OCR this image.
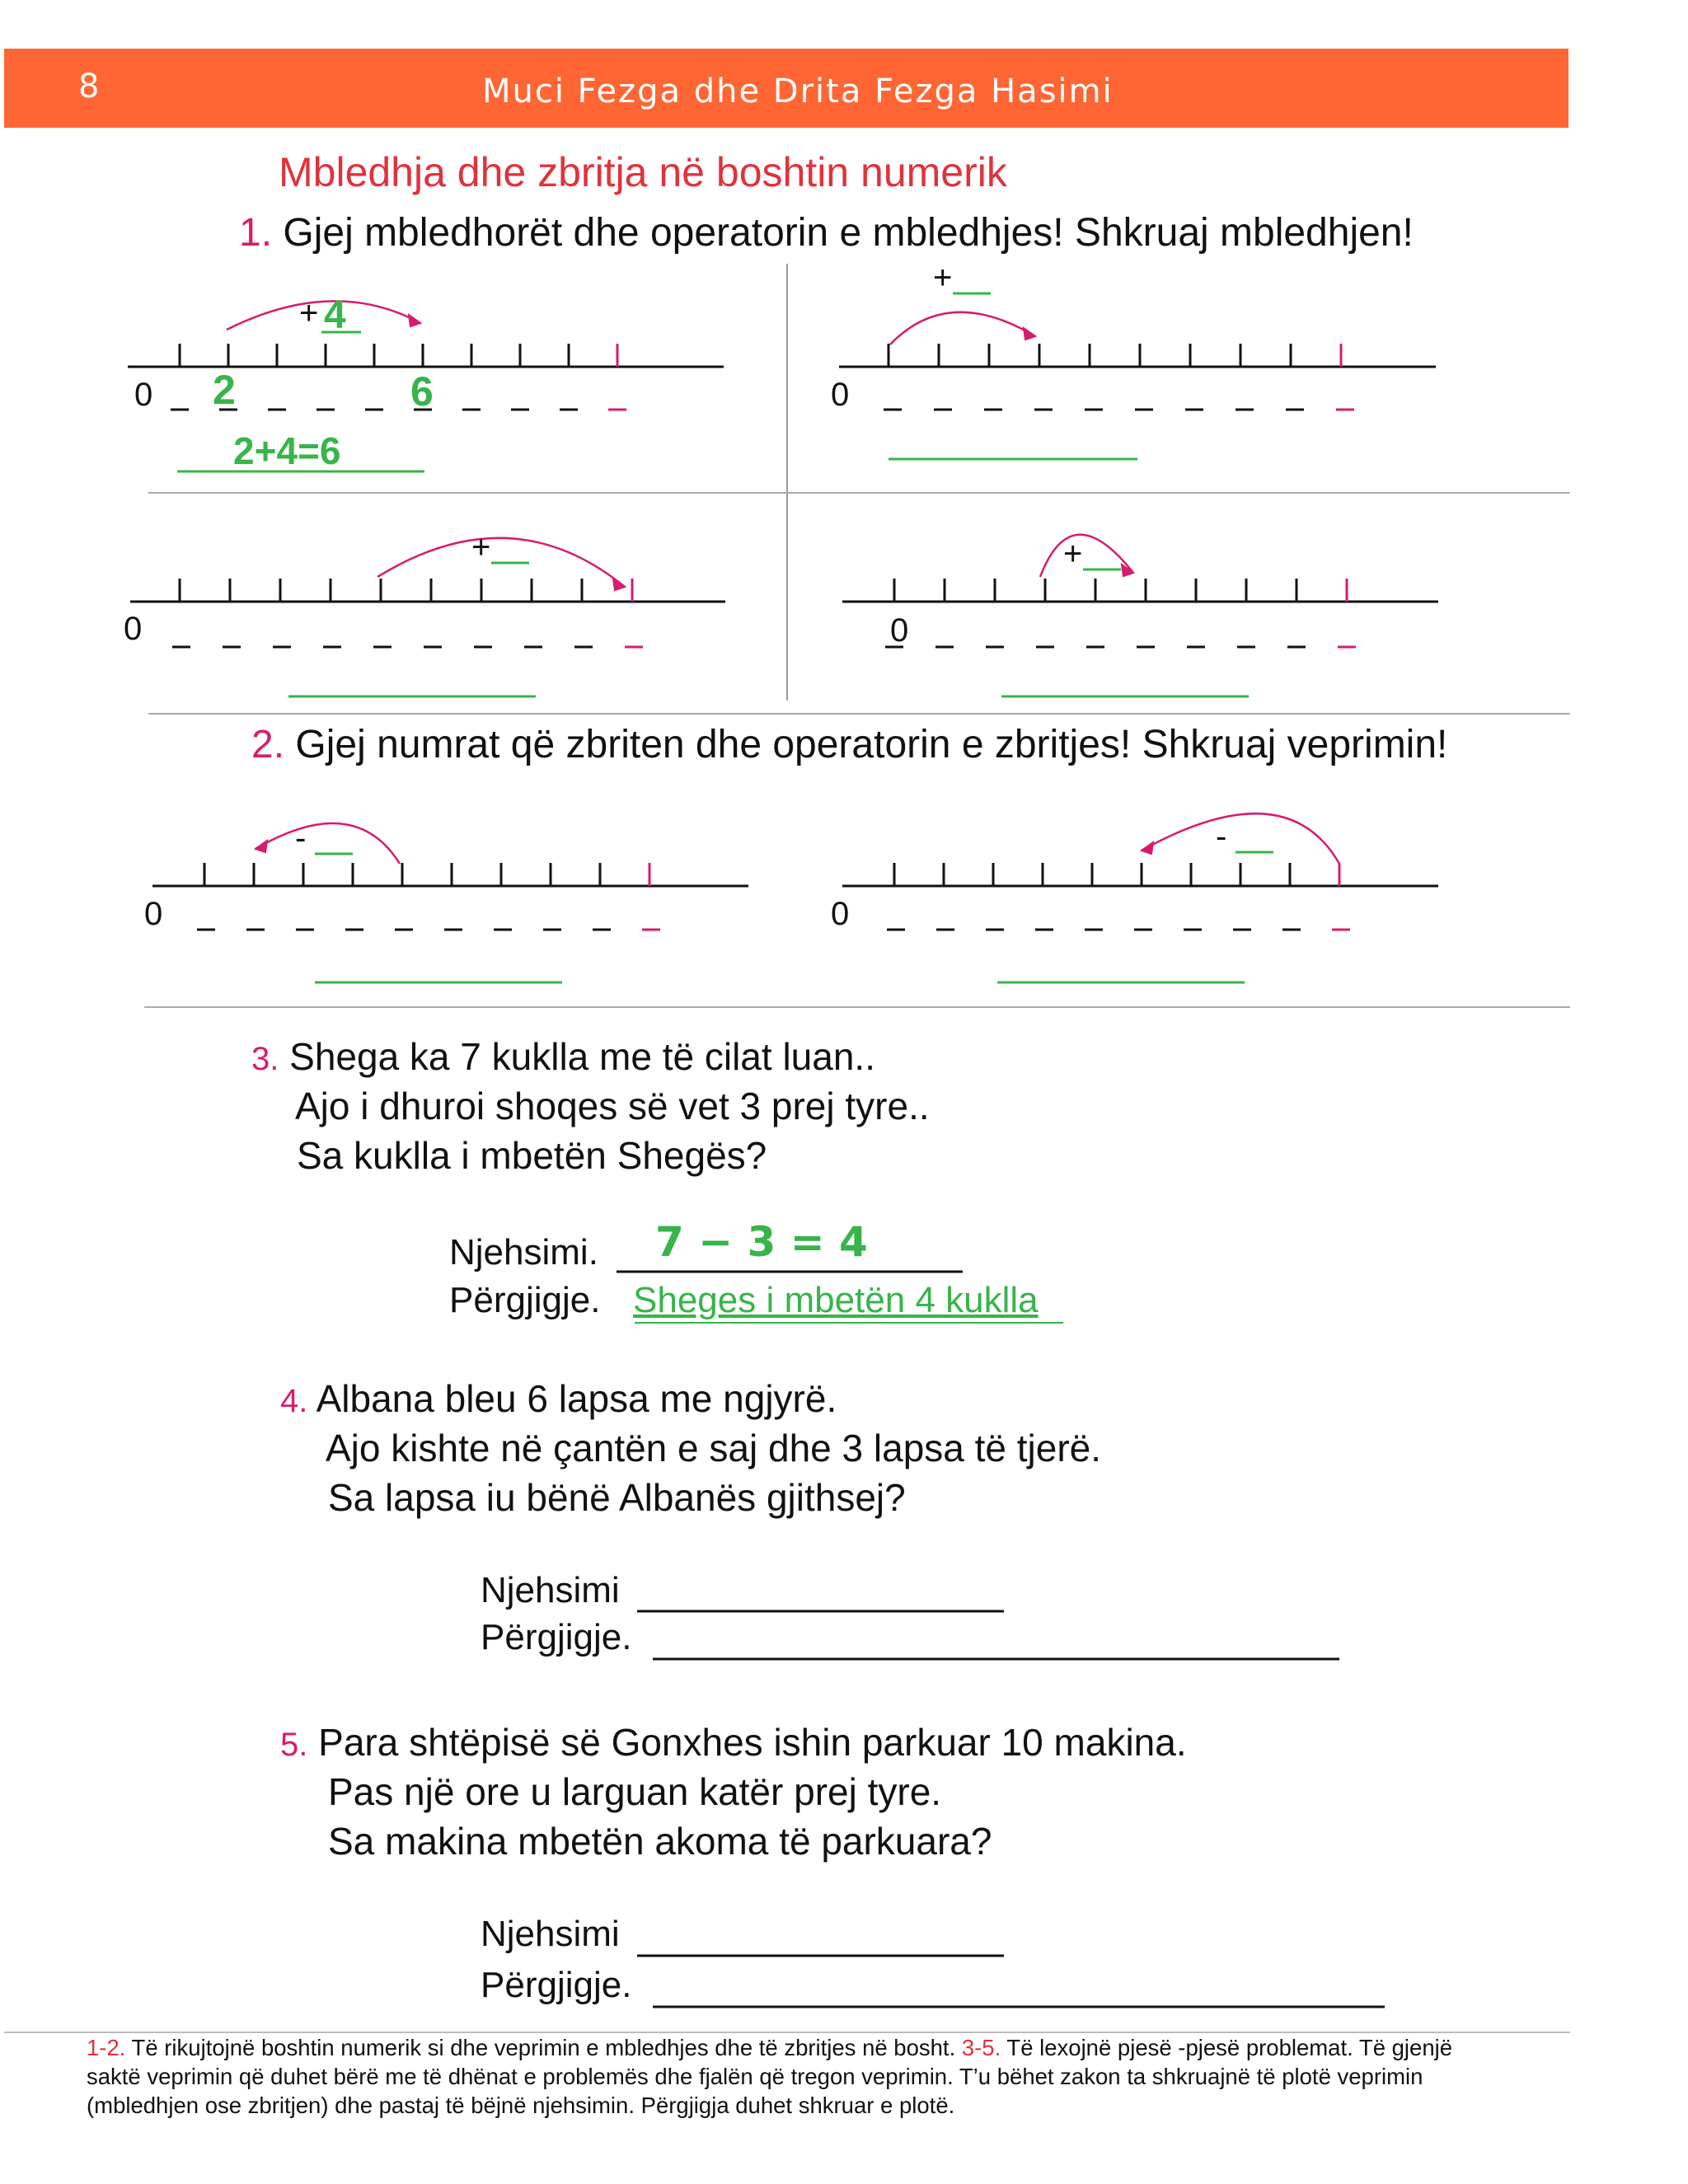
8	Muci Fezga dhe Drita Fezga Hasimi
Mbledhja dhe zbritja në boshtin numerik
1. Gjej mbledhorët dhe operatorin e mbledhjes! Shkruaj mbledhjen!
0
+ 4
2	6
2+4=6
0
+
0
+
0
+
0
-
0
-
2. Gjej numrat që zbriten dhe operatorin e zbritjes! Shkruaj veprimin!
3. Shega ka 7 kuklla me të cilat luan..
Ajo i dhuroi shoqes së vet 3 prej tyre..
Sa kuklla i mbetën Shegës?
Njehsimi. 7 − 3 = 4
Përgjigje. Sheges i mbetën 4 kuklla
4. Albana bleu 6 lapsa me ngjyrë.
Ajo kishte në çantën e saj dhe 3 lapsa të tjerë.
Sa lapsa iu bënë Albanës gjithsej?
Njehsimi
Përgjigje.
5. Para shtëpisë së Gonxhes ishin parkuar 10 makina.
Pas një ore u larguan katër prej tyre.
Sa makina mbetën akoma të parkuara?
Njehsimi
Përgjigje.
1-2. Të rikujtojnë boshtin numerik si dhe veprimin e mbledhjes dhe të zbritjes në bosht. 3-5. Të lexojnë pjesë -pjesë problemat. Të gjenjë saktë veprimin që duhet bërë me të dhënat e problemës dhe fjalën që tregon veprimin. T’u bëhet zakon ta shkruajnë të plotë veprimin (mbledhjen ose zbritjen) dhe pastaj të bëjnë njehsimin. Përgjigja duhet shkruar e plotë.
